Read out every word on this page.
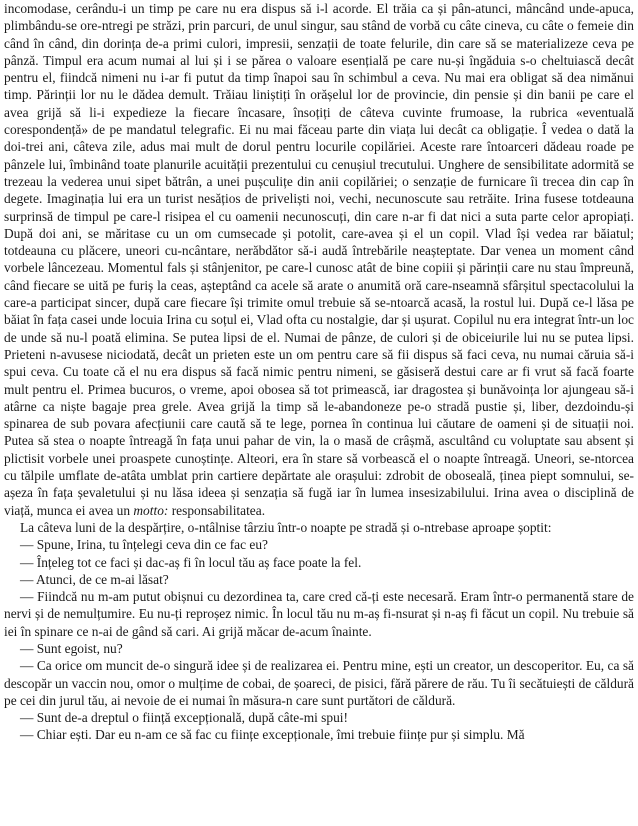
incomodase, cerându-i un timp pe care nu era dispus să i-l acorde. El trăia ca și pân-atunci, mâncând unde-apuca, plimbându-se ore-ntregi pe străzi, prin parcuri, de unul singur, sau stând de vorbă cu câte cineva, cu câte o femeie din când în când, din dorința de-a primi culori, impresii, senzații de toate felurile, din care să se materializeze ceva pe pânză. Timpul era acum numai al lui și i se părea o valoare esențială pe care nu-și îngăduia s-o cheltuiască decât pentru el, fiindcă nimeni nu i-ar fi putut da timp înapoi sau în schimbul a ceva. Nu mai era obligat să dea nimănui timp. Părinții lor nu le dădea demult. Trăiau liniștiți în orășelul lor de provincie, din pensie și din banii pe care el avea grijă să li-i expedieze la fiecare încasare, însoțiți de câteva cuvinte frumoase, la rubrica «eventuală corespondență» de pe mandatul telegrafic. Ei nu mai făceau parte din viața lui decât ca obligație. Î vedea o dată la doi-trei ani, câteva zile, adus mai mult de dorul pentru locurile copilăriei. Aceste rare întoarceri dădeau roade pe pânzele lui, îmbinând toate planurile acuității prezentului cu cenușiul trecutului. Unghere de sensibilitate adormită se trezeau la vederea unui sipet bătrân, a unei pușculițe din anii copilăriei; o senzație de furnicare îi trecea din cap în degete. Imaginația lui era un turist nesățios de priveliști noi, vechi, necunoscute sau retrăite. Irina fusese totdeauna surprinsă de timpul pe care-l risipea el cu oamenii necunoscuți, din care n-ar fi dat nici a suta parte celor apropiați. După doi ani, se măritase cu un om cumsecade și potolit, care-avea și el un copil. Vlad își vedea rar băiatul; totdeauna cu plăcere, uneori cu-ncântare, nerăbdător să-i audă întrebările neașteptate. Dar venea un moment când vorbele lâncezeau. Momentul fals și stânjenitor, pe care-l cunosc atât de bine copiii și părinții care nu stau împreună, când fiecare se uită pe furiș la ceas, așteptând ca acele să arate o anumită oră care-nseamnă sfârșitul spectacolului la care-a participat sincer, după care fiecare își trimite omul trebuie să se-ntoarcă acasă, la rostul lui. După ce-l lăsa pe băiat în fața casei unde locuia Irina cu soțul ei, Vlad ofta cu nostalgie, dar și ușurat. Copilul nu era integrat într-un loc de unde să nu-l poată elimina. Se putea lipsi de el. Numai de pânze, de culori și de obiceiurile lui nu se putea lipsi. Prieteni n-avusese niciodată, decât un prieten este un om pentru care să fii dispus să faci ceva, nu numai căruia să-i spui ceva. Cu toate că el nu era dispus să facă nimic pentru nimeni, se găsiseră destui care ar fi vrut să facă foarte mult pentru el. Primea bucuros, o vreme, apoi obosea să tot primească, iar dragostea și bunăvoința lor ajungeau să-i atârne ca niște bagaje prea grele. Avea grijă la timp să le-abandoneze pe-o stradă pustie și, liber, dezdoindu-și spinarea de sub povara afecțiunii care caută să te lege, pornea în continua lui căutare de oameni și de situații noi. Putea să stea o noapte întreagă în fața unui pahar de vin, la o masă de crâșmă, ascultând cu voluptate sau absent și plictisit vorbele unei proaspete cunoștințe. Alteori, era în stare să vorbească el o noapte întreagă. Uneori, se-ntorcea cu tălpile umflate de-atâta umblat prin cartiere depărtate ale orașului: zdrobit de oboseală, ținea piept somnului, se-așeza în fața șevaletului și nu lăsa ideea și senzația să fugă iar în lumea insesizabilului. Irina avea o disciplină de viață, munca ei avea un motto: responsabilitatea.

La câteva luni de la despărțire, o-ntâlnise târziu într-o noapte pe stradă și o-ntrebase aproape șoptit:

— Spune, Irina, tu înțelegi ceva din ce fac eu?

— Înțeleg tot ce faci și dac-aș fi în locul tău aș face poate la fel.

— Atunci, de ce m-ai lăsat?

— Fiindcă nu m-am putut obișnui cu dezordinea ta, care cred că-ți este necesară. Eram într-o permanentă stare de nervi și de nemulțumire. Eu nu-ți reproșez nimic. În locul tău nu m-aș fi-nsurat și n-aș fi făcut un copil. Nu trebuie să iei în spinare ce n-ai de gând să cari. Ai grijă măcar de-acum înainte.

— Sunt egoist, nu?

— Ca orice om muncit de-o singură idee și de realizarea ei. Pentru mine, ești un creator, un descoperitor. Eu, ca să descopăr un vaccin nou, omor o mulțime de cobai, de șoareci, de pisici, fără părere de rău. Tu îi secătuiești de căldură pe cei din jurul tău, ai nevoie de ei numai în măsura-n care sunt purtători de căldură.

— Sunt de-a dreptul o ființă excepțională, după câte-mi spui!

— Chiar ești. Dar eu n-am ce să fac cu ființe excepționale, îmi trebuie ființe pur și simplu. Mă
